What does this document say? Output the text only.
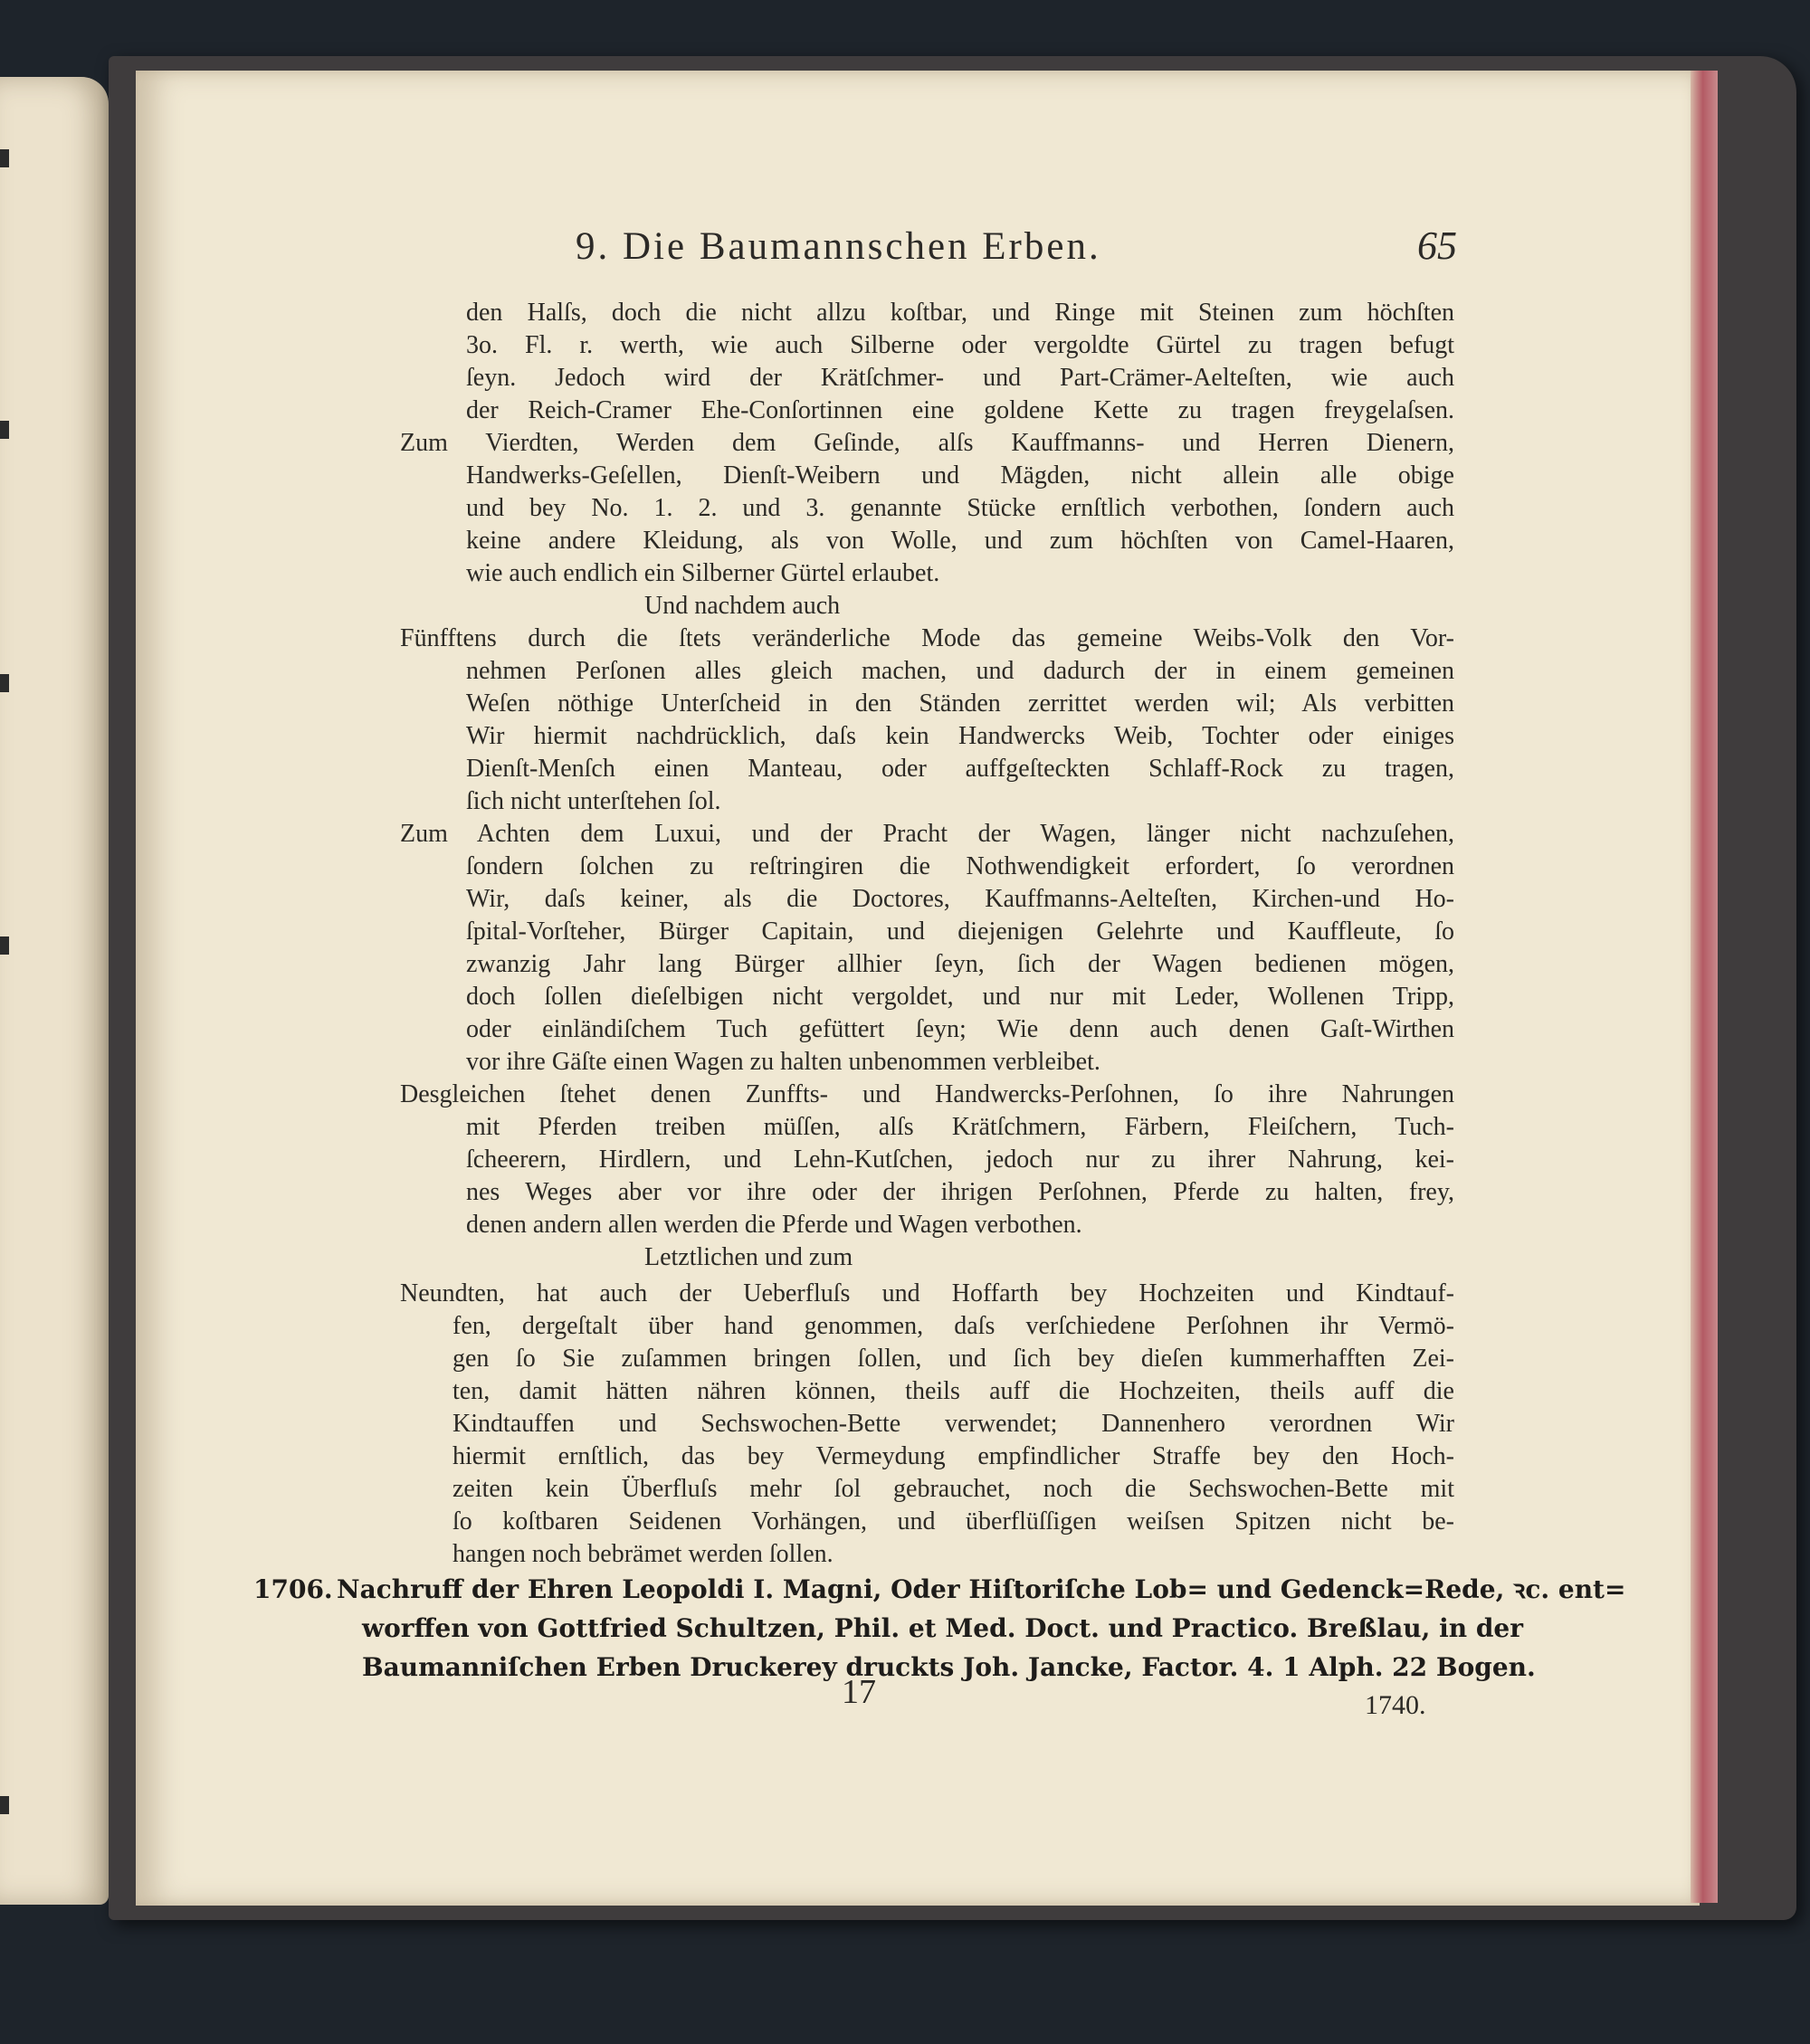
9. Die Baumannschen Erben.	65
den Halſs, doch die nicht allzu koſtbar, und Ringe mit Steinen zum höchſten
3o. Fl. r. werth, wie auch Silberne oder vergoldte Gürtel zu tragen befugt
ſeyn. Jedoch wird der Krätſchmer- und Part-Crämer-Aelteſten, wie auch
der Reich-Cramer Ehe-Conſortinnen eine goldene Kette zu tragen freygelaſsen.
Zum Vierdten, Werden dem Geſinde, alſs Kauffmanns- und Herren Dienern,
Handwerks-Geſellen, Dienſt-Weibern und Mägden, nicht allein alle obige
und bey No. 1. 2. und 3. genannte Stücke ernſtlich verbothen, ſondern auch
keine andere Kleidung, als von Wolle, und zum höchſten von Camel-Haaren,
wie auch endlich ein Silberner Gürtel erlaubet.
Und nachdem auch
Fünfftens durch die ſtets veränderliche Mode das gemeine Weibs-Volk den Vor-
nehmen Perſonen alles gleich machen, und dadurch der in einem gemeinen
Weſen nöthige Unterſcheid in den Ständen zerrittet werden wil; Als verbitten
Wir hiermit nachdrücklich, daſs kein Handwercks Weib, Tochter oder einiges
Dienſt-Menſch einen Manteau, oder auffgeſteckten Schlaff-Rock zu tragen,
ſich nicht unterſtehen ſol.
Zum Achten dem Luxui, und der Pracht der Wagen, länger nicht nachzuſehen,
ſondern ſolchen zu reſtringiren die Nothwendigkeit erfordert, ſo verordnen
Wir, daſs keiner, als die Doctores, Kauffmanns-Aelteſten, Kirchen-und Ho-
ſpital-Vorſteher, Bürger Capitain, und diejenigen Gelehrte und Kauffleute, ſo
zwanzig Jahr lang Bürger allhier ſeyn, ſich der Wagen bedienen mögen,
doch ſollen dieſelbigen nicht vergoldet, und nur mit Leder, Wollenen Tripp,
oder einländiſchem Tuch gefüttert ſeyn; Wie denn auch denen Gaſt-Wirthen
vor ihre Gäſte einen Wagen zu halten unbenommen verbleibet.
Desgleichen ſtehet denen Zunffts- und Handwercks-Perſohnen, ſo ihre Nahrungen
mit Pferden treiben müſſen, alſs Krätſchmern, Färbern, Fleiſchern, Tuch-
ſcheerern, Hirdlern, und Lehn-Kutſchen, jedoch nur zu ihrer Nahrung, kei-
nes Weges aber vor ihre oder der ihrigen Perſohnen, Pferde zu halten, frey,
denen andern allen werden die Pferde und Wagen verbothen.
Letztlichen und zum
Neundten, hat auch der Ueberfluſs und Hoffarth bey Hochzeiten und Kindtauf-
fen, dergeſtalt über hand genommen, daſs verſchiedene Perſohnen ihr Vermö-
gen ſo Sie zuſammen bringen ſollen, und ſich bey dieſen kummerhafften Zei-
ten, damit hätten nähren können, theils auff die Hochzeiten, theils auff die
Kindtauffen und Sechswochen-Bette verwendet; Dannenhero verordnen Wir
hiermit ernſtlich, das bey Vermeydung empfindlicher Straffe bey den Hoch-
zeiten kein Überfluſs mehr ſol gebrauchet, noch die Sechswochen-Bette mit
ſo koſtbaren Seidenen Vorhängen, und überflüſſigen weiſsen Spitzen nicht be-
hangen noch bebrämet werden ſollen.
1706. Nachruff der Ehren Leopoldi I. Magni, Oder Hiſtoriſche Lob= und Gedenck=Rede, ꝛc. ent=
worffen von Gottfried Schultzen, Phil. et Med. Doct. und Practico. Breßlau, in der
Baumanniſchen Erben Druckerey druckts Joh. Jancke, Factor. 4. 1 Alph. 22 Bogen.
17	1740.
